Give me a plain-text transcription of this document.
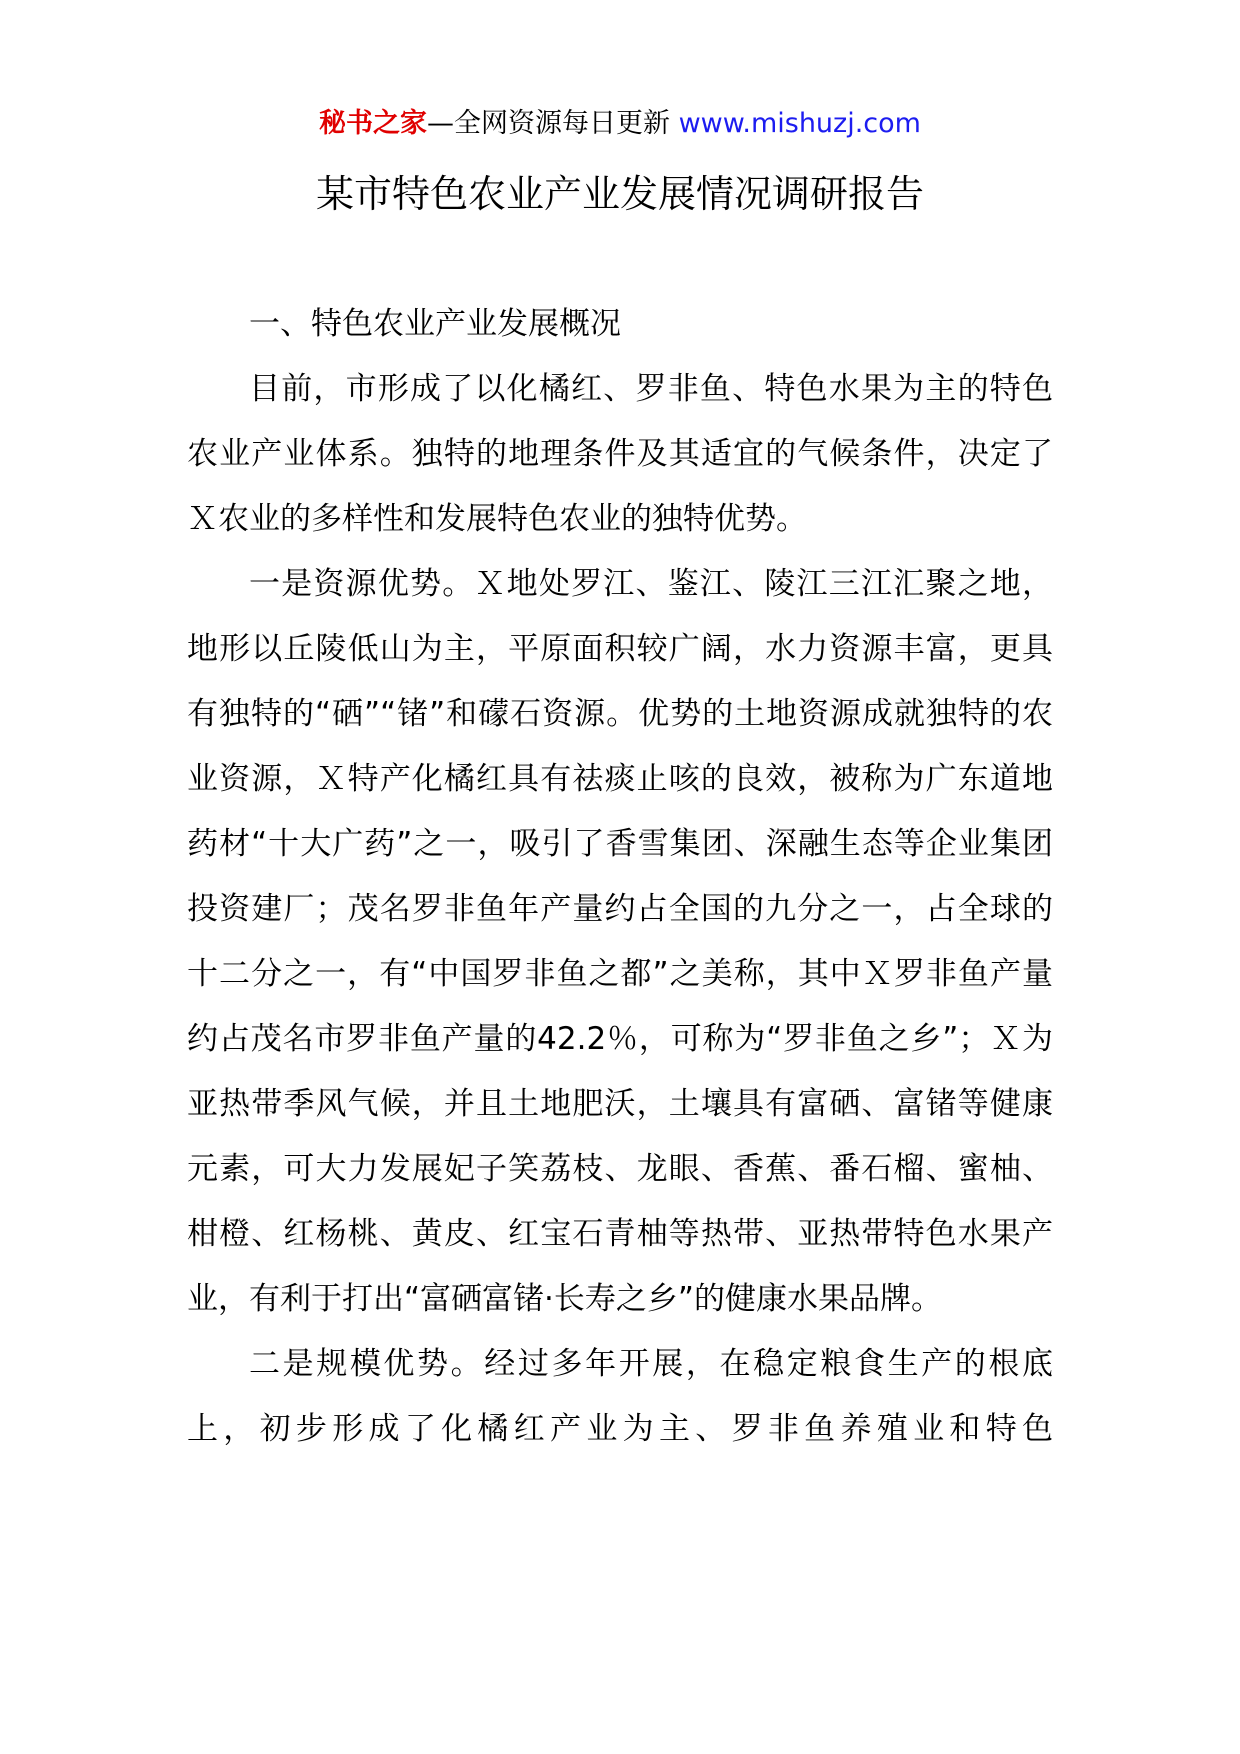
秘书之家—全网资源每日更新 www.mishuzj.com
某市特色农业产业发展情况调研报告

一、特色农业产业发展概况

目前，市形成了以化橘红、罗非鱼、特色水果为主的特色农业产业体系。独特的地理条件及其适宜的气候条件，决定了Ｘ农业的多样性和发展特色农业的独特优势。

一是资源优势。Ｘ地处罗江、鉴江、陵江三江汇聚之地，地形以丘陵低山为主，平原面积较广阔，水力资源丰富，更具有独特的“硒”“锗”和礞石资源。优势的土地资源成就独特的农业资源，Ｘ特产化橘红具有祛痰止咳的良效，被称为广东道地药材“十大广药”之一，吸引了香雪集团、深融生态等企业集团投资建厂；茂名罗非鱼年产量约占全国的九分之一，占全球的十二分之一，有“中国罗非鱼之都”之美称，其中Ｘ罗非鱼产量约占茂名市罗非鱼产量的42.2％，可称为“罗非鱼之乡”；Ｘ为亚热带季风气候，并且土地肥沃，土壤具有富硒、富锗等健康元素，可大力发展妃子笑荔枝、龙眼、香蕉、番石榴、蜜柚、柑橙、红杨桃、黄皮、红宝石青柚等热带、亚热带特色水果产业，有利于打出“富硒富锗·长寿之乡”的健康水果品牌。

二是规模优势。经过多年开展，在稳定粮食生产的根底上，初步形成了化橘红产业为主、罗非鱼养殖业和特色
